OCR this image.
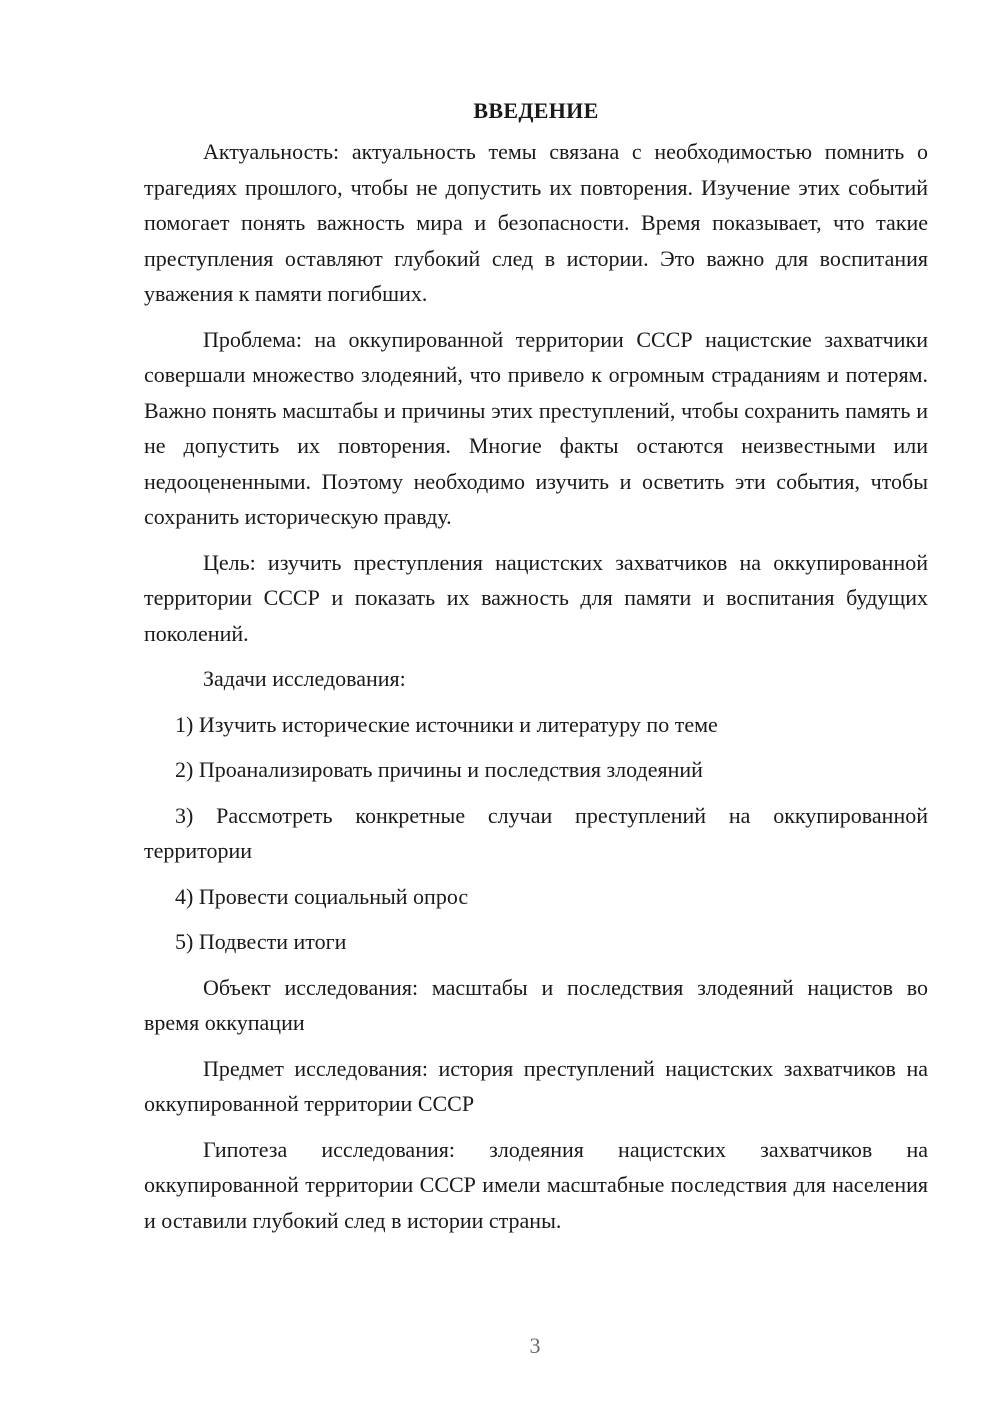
ВВЕДЕНИЕ

Актуальность: актуальность темы связана с необходимостью помнить о трагедиях прошлого, чтобы не допустить их повторения. Изучение этих событий помогает понять важность мира и безопасности. Время показывает, что такие преступления оставляют глубокий след в истории. Это важно для воспитания уважения к памяти погибших.

Проблема: на оккупированной территории СССР нацистские захватчики совершали множество злодеяний, что привело к огромным страданиям и потерям. Важно понять масштабы и причины этих преступлений, чтобы сохранить память и не допустить их повторения. Многие факты остаются неизвестными или недооцененными. Поэтому необходимо изучить и осветить эти события, чтобы сохранить историческую правду.

Цель: изучить преступления нацистских захватчиков на оккупированной территории СССР и показать их важность для памяти и воспитания будущих поколений.

Задачи исследования:

1) Изучить исторические источники и литературу по теме

2) Проанализировать причины и последствия злодеяний

3) Рассмотреть конкретные случаи преступлений на оккупированной территории

4) Провести социальный опрос

5) Подвести итоги

Объект исследования: масштабы и последствия злодеяний нацистов во время оккупации

Предмет исследования: история преступлений нацистских захватчиков на оккупированной территории СССР

Гипотеза исследования: злодеяния нацистских захватчиков на оккупированной территории СССР имели масштабные последствия для населения и оставили глубокий след в истории страны.

3
